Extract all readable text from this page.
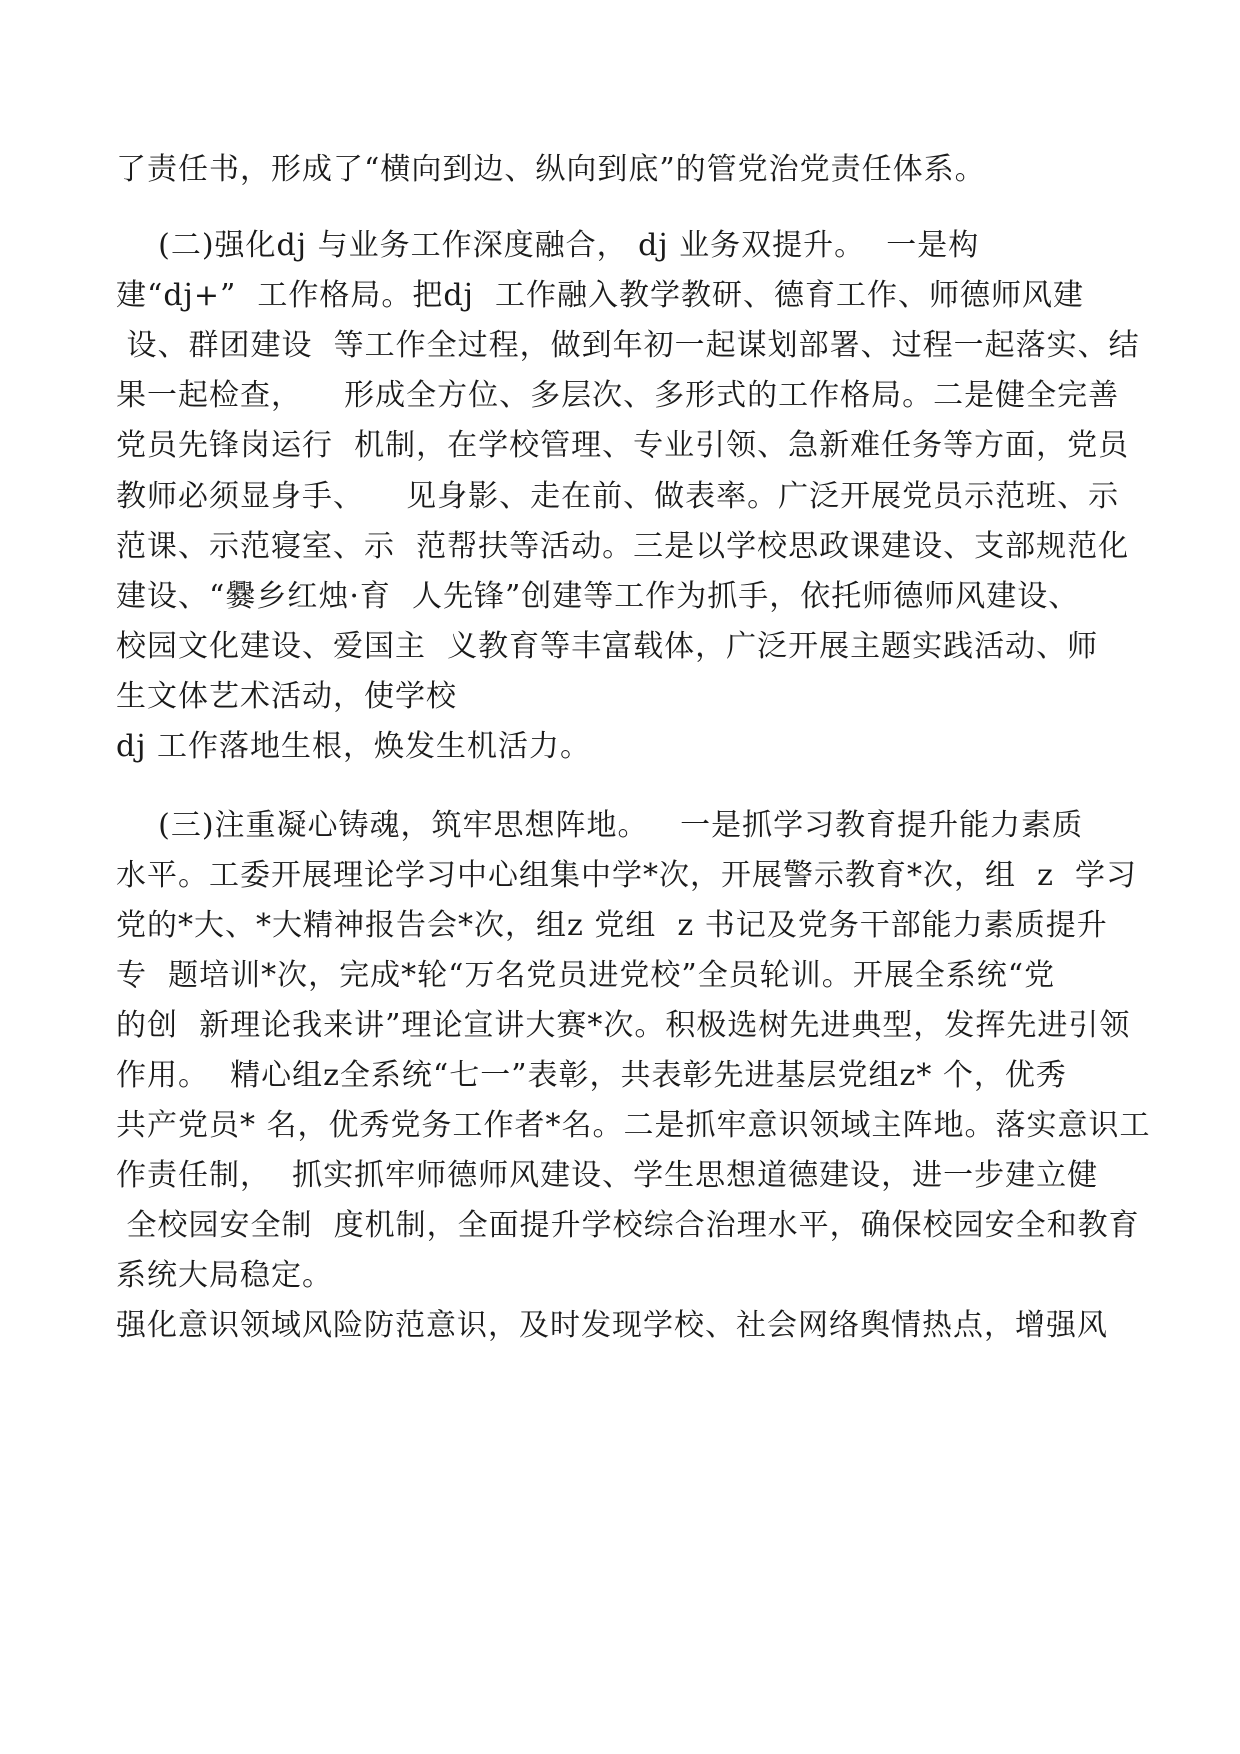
了责任书，形成了“横向到边、纵向到底”的管党治党责任体系。
(二)强化dj 与业务工作深度融合， dj 业务双提升。  一是构
建“dj+”  工作格局。把dj  工作融入教学教研、德育工作、师德师风建
设、群团建设  等工作全过程，做到年初一起谋划部署、过程一起落实、结
果一起检查，    形成全方位、多层次、多形式的工作格局。二是健全完善
党员先锋岗运行  机制，在学校管理、专业引领、急新难任务等方面，党员
教师必须显身手、    见身影、走在前、做表率。广泛开展党员示范班、示
范课、示范寝室、示  范帮扶等活动。三是以学校思政课建设、支部规范化
建设、“爨乡红烛·育  人先锋”创建等工作为抓手，依托师德师风建设、
校园文化建设、爱国主  义教育等丰富载体，广泛开展主题实践活动、师
生文体艺术活动，使学校
dj 工作落地生根，焕发生机活力。
(三)注重凝心铸魂，筑牢思想阵地。   一是抓学习教育提升能力素质
水平。工委开展理论学习中心组集中学*次，开展警示教育*次，组  z  学习
党的*大、*大精神报告会*次，组z 党组  z 书记及党务干部能力素质提升
专  题培训*次，完成*轮“万名党员进党校”全员轮训。开展全系统“党
的创  新理论我来讲”理论宣讲大赛*次。积极选树先进典型，发挥先进引领
作用。  精心组z全系统“七一”表彰，共表彰先进基层党组z* 个，优秀
共产党员* 名，优秀党务工作者*名。二是抓牢意识领域主阵地。落实意识工
作责任制，  抓实抓牢师德师风建设、学生思想道德建设，进一步建立健
全校园安全制  度机制，全面提升学校综合治理水平，确保校园安全和教育
系统大局稳定。
强化意识领域风险防范意识，及时发现学校、社会网络舆情热点，增强风
